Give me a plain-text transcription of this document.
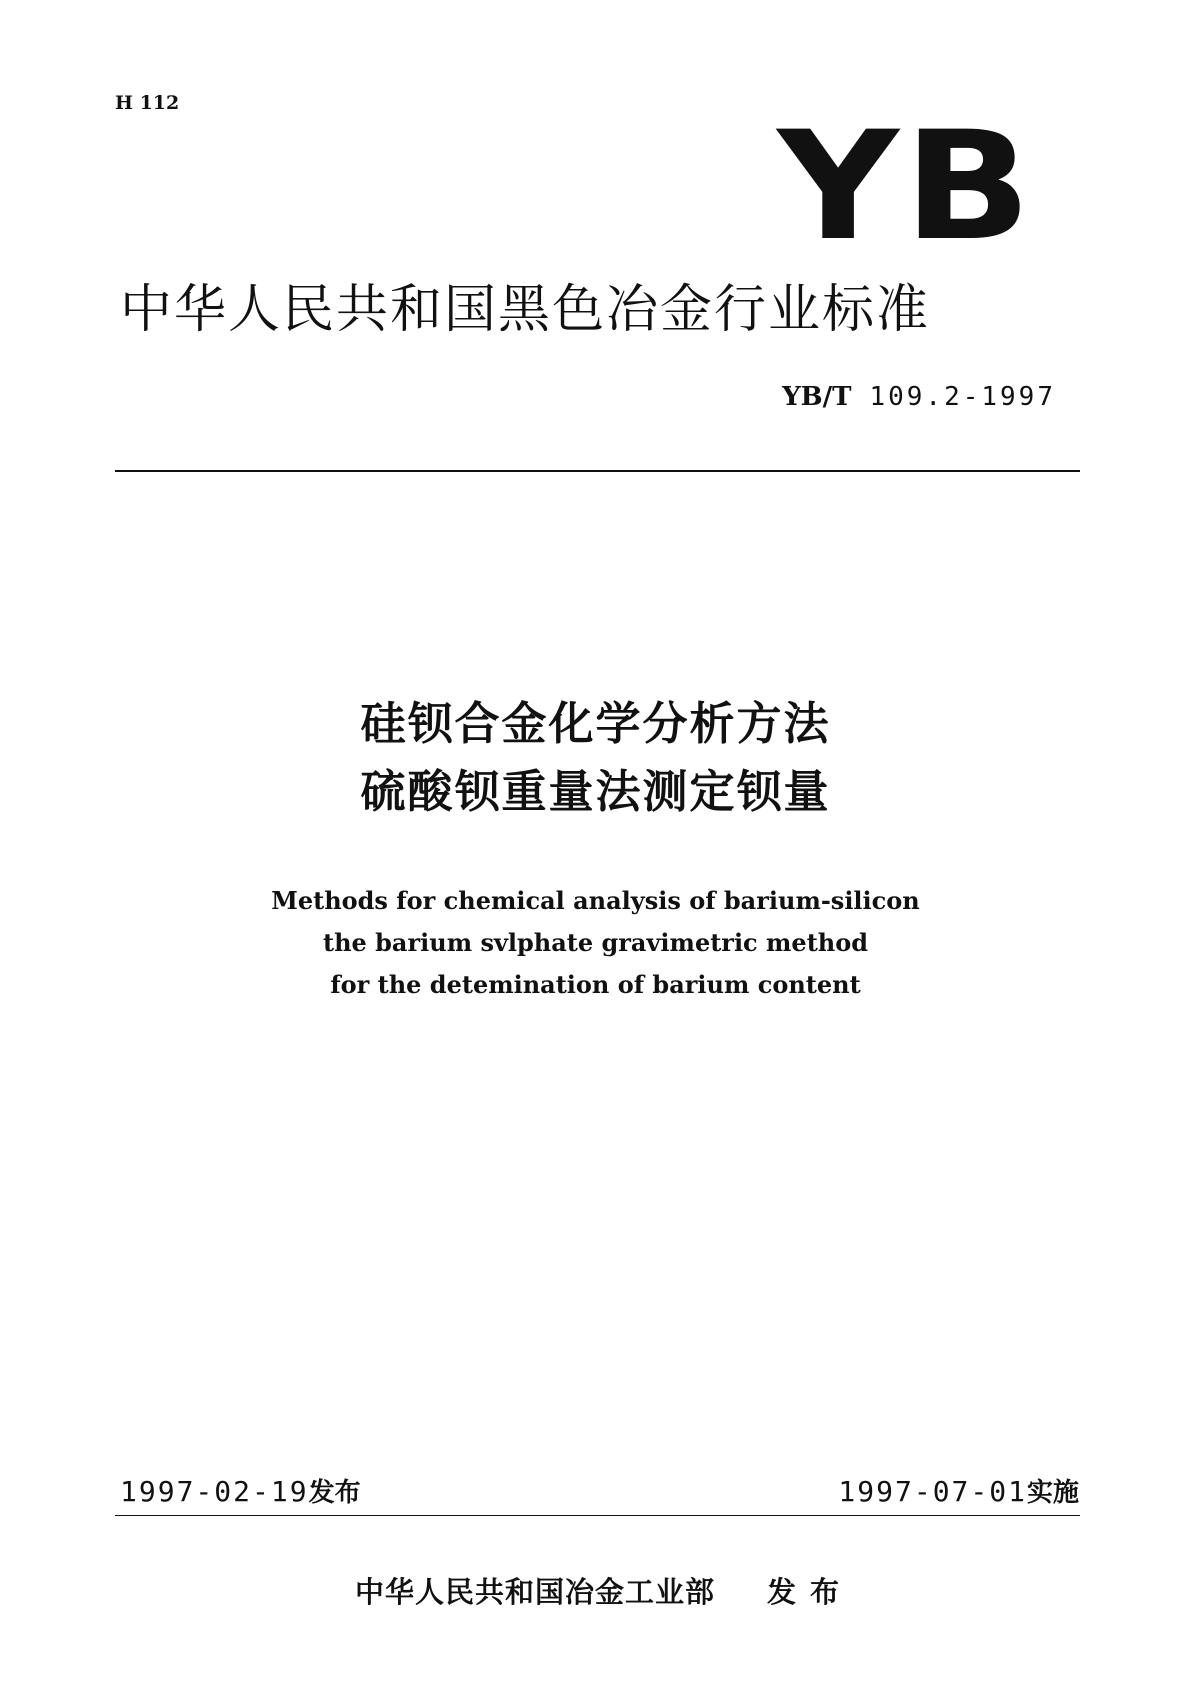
H 112	YB
中华人民共和国黑色冶金行业标准
YB/T 109.2-1997
硅钡合金化学分析方法
硫酸钡重量法测定钡量
Methods for chemical analysis of barium-silicon
the barium svlphate gravimetric method
for the detemination of barium content
1997-02-19发布	1997-07-01实施
中华人民共和国冶金工业部 发布
